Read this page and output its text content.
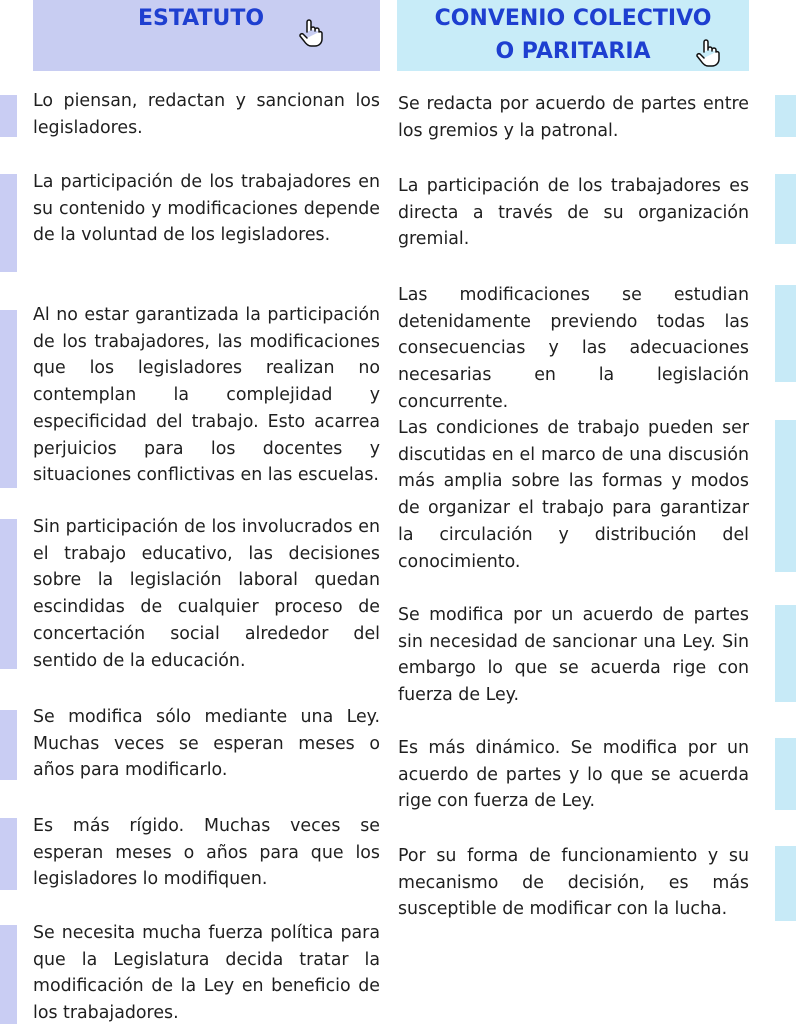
ESTATUTO	CONVENIO COLECTIVO
O PARITARIA

Lo piensan, redactan y sancionan los legisladores.

La participación de los trabajadores en su contenido y modificaciones depende de la voluntad de los legisladores.

Al no estar garantizada la participación de los trabajadores, las modificaciones que los legisladores realizan no contemplan la complejidad y especificidad del trabajo. Esto acarrea perjuicios para los docentes y situaciones conflictivas en las escuelas.

Sin participación de los involucrados en el trabajo educativo, las decisiones sobre la legislación laboral quedan escindidas de cualquier proceso de concertación social alrededor del sentido de la educación.

Se modifica sólo mediante una Ley. Muchas veces se esperan meses o años para modificarlo.

Es más rígido. Muchas veces se esperan meses o años para que los legisladores lo modifiquen.

Se necesita mucha fuerza política para que la Legislatura decida tratar la modificación de la Ley en beneficio de los trabajadores.

Se redacta por acuerdo de partes entre los gremios y la patronal.

La participación de los trabajadores es directa a través de su organización gremial.

Las modificaciones se estudian detenidamente previendo todas las consecuencias y las adecuaciones necesarias en la legislación concurrente.

Las condiciones de trabajo pueden ser discutidas en el marco de una discusión más amplia sobre las formas y modos de organizar el trabajo para garantizar la circulación y distribución del conocimiento.

Se modifica por un acuerdo de partes sin necesidad de sancionar una Ley. Sin embargo lo que se acuerda rige con fuerza de Ley.

Es más dinámico. Se modifica por un acuerdo de partes y lo que se acuerda rige con fuerza de Ley.

Por su forma de funcionamiento y su mecanismo de decisión, es más susceptible de modificar con la lucha.
